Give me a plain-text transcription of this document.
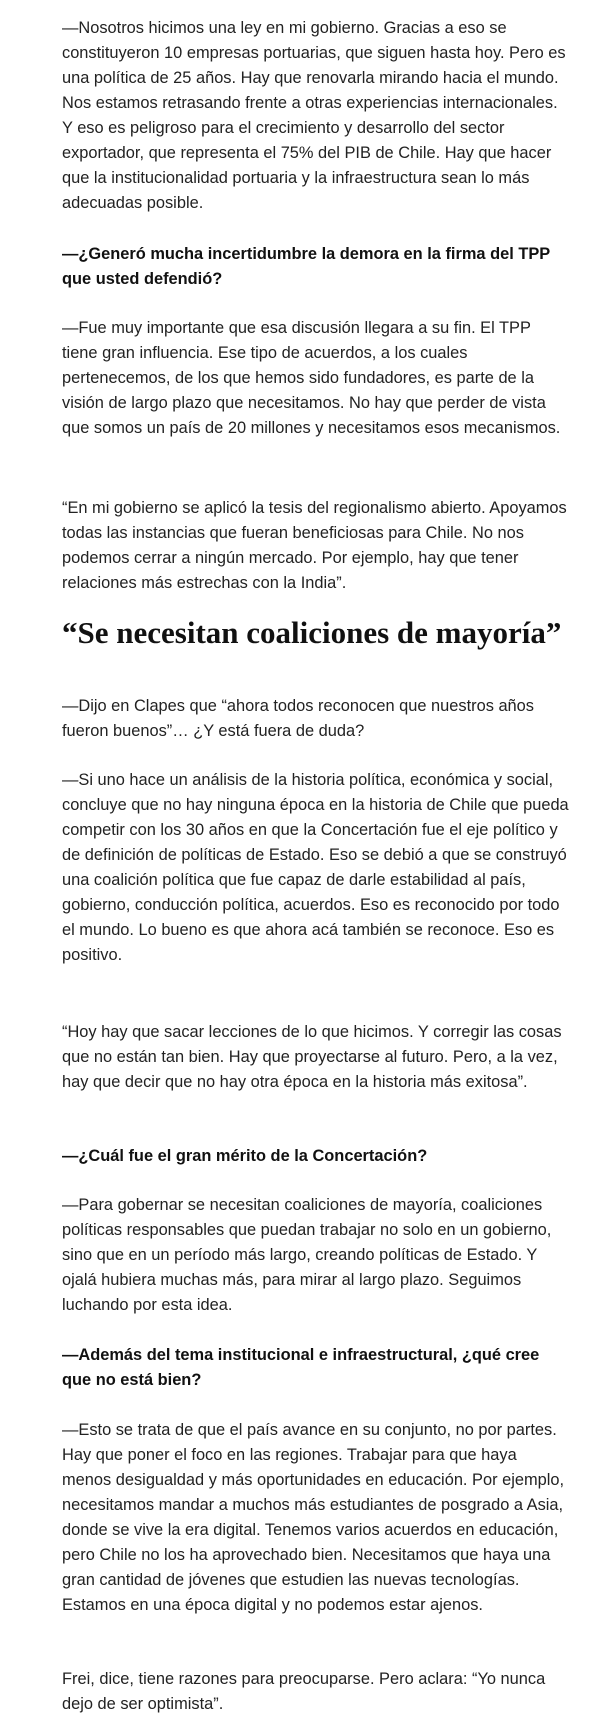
—Nosotros hicimos una ley en mi gobierno. Gracias a eso se constituyeron 10 empresas portuarias, que siguen hasta hoy. Pero es una política de 25 años. Hay que renovarla mirando hacia el mundo. Nos estamos retrasando frente a otras experiencias internacionales. Y eso es peligroso para el crecimiento y desarrollo del sector exportador, que representa el 75% del PIB de Chile. Hay que hacer que la institucionalidad portuaria y la infraestructura sean lo más adecuadas posible.

—¿Generó mucha incertidumbre la demora en la firma del TPP que usted defendió?

—Fue muy importante que esa discusión llegara a su fin. El TPP tiene gran influencia. Ese tipo de acuerdos, a los cuales pertenecemos, de los que hemos sido fundadores, es parte de la visión de largo plazo que necesitamos. No hay que perder de vista que somos un país de 20 millones y necesitamos esos mecanismos.

“En mi gobierno se aplicó la tesis del regionalismo abierto. Apoyamos todas las instancias que fueran beneficiosas para Chile. No nos podemos cerrar a ningún mercado. Por ejemplo, hay que tener relaciones más estrechas con la India”.

“Se necesitan coaliciones de mayoría”

—Dijo en Clapes que “ahora todos reconocen que nuestros años fueron buenos”… ¿Y está fuera de duda?

—Si uno hace un análisis de la historia política, económica y social, concluye que no hay ninguna época en la historia de Chile que pueda competir con los 30 años en que la Concertación fue el eje político y de definición de políticas de Estado. Eso se debió a que se construyó una coalición política que fue capaz de darle estabilidad al país, gobierno, conducción política, acuerdos. Eso es reconocido por todo el mundo. Lo bueno es que ahora acá también se reconoce. Eso es positivo.

“Hoy hay que sacar lecciones de lo que hicimos. Y corregir las cosas que no están tan bien. Hay que proyectarse al futuro. Pero, a la vez, hay que decir que no hay otra época en la historia más exitosa”.

—¿Cuál fue el gran mérito de la Concertación?

—Para gobernar se necesitan coaliciones de mayoría, coaliciones políticas responsables que puedan trabajar no solo en un gobierno, sino que en un período más largo, creando políticas de Estado. Y ojalá hubiera muchas más, para mirar al largo plazo. Seguimos luchando por esta idea.

—Además del tema institucional e infraestructural, ¿qué cree que no está bien?

—Esto se trata de que el país avance en su conjunto, no por partes. Hay que poner el foco en las regiones. Trabajar para que haya menos desigualdad y más oportunidades en educación. Por ejemplo, necesitamos mandar a muchos más estudiantes de posgrado a Asia, donde se vive la era digital. Tenemos varios acuerdos en educación, pero Chile no los ha aprovechado bien. Necesitamos que haya una gran cantidad de jóvenes que estudien las nuevas tecnologías. Estamos en una época digital y no podemos estar ajenos.

Frei, dice, tiene razones para preocuparse. Pero aclara: “Yo nunca dejo de ser optimista”.
